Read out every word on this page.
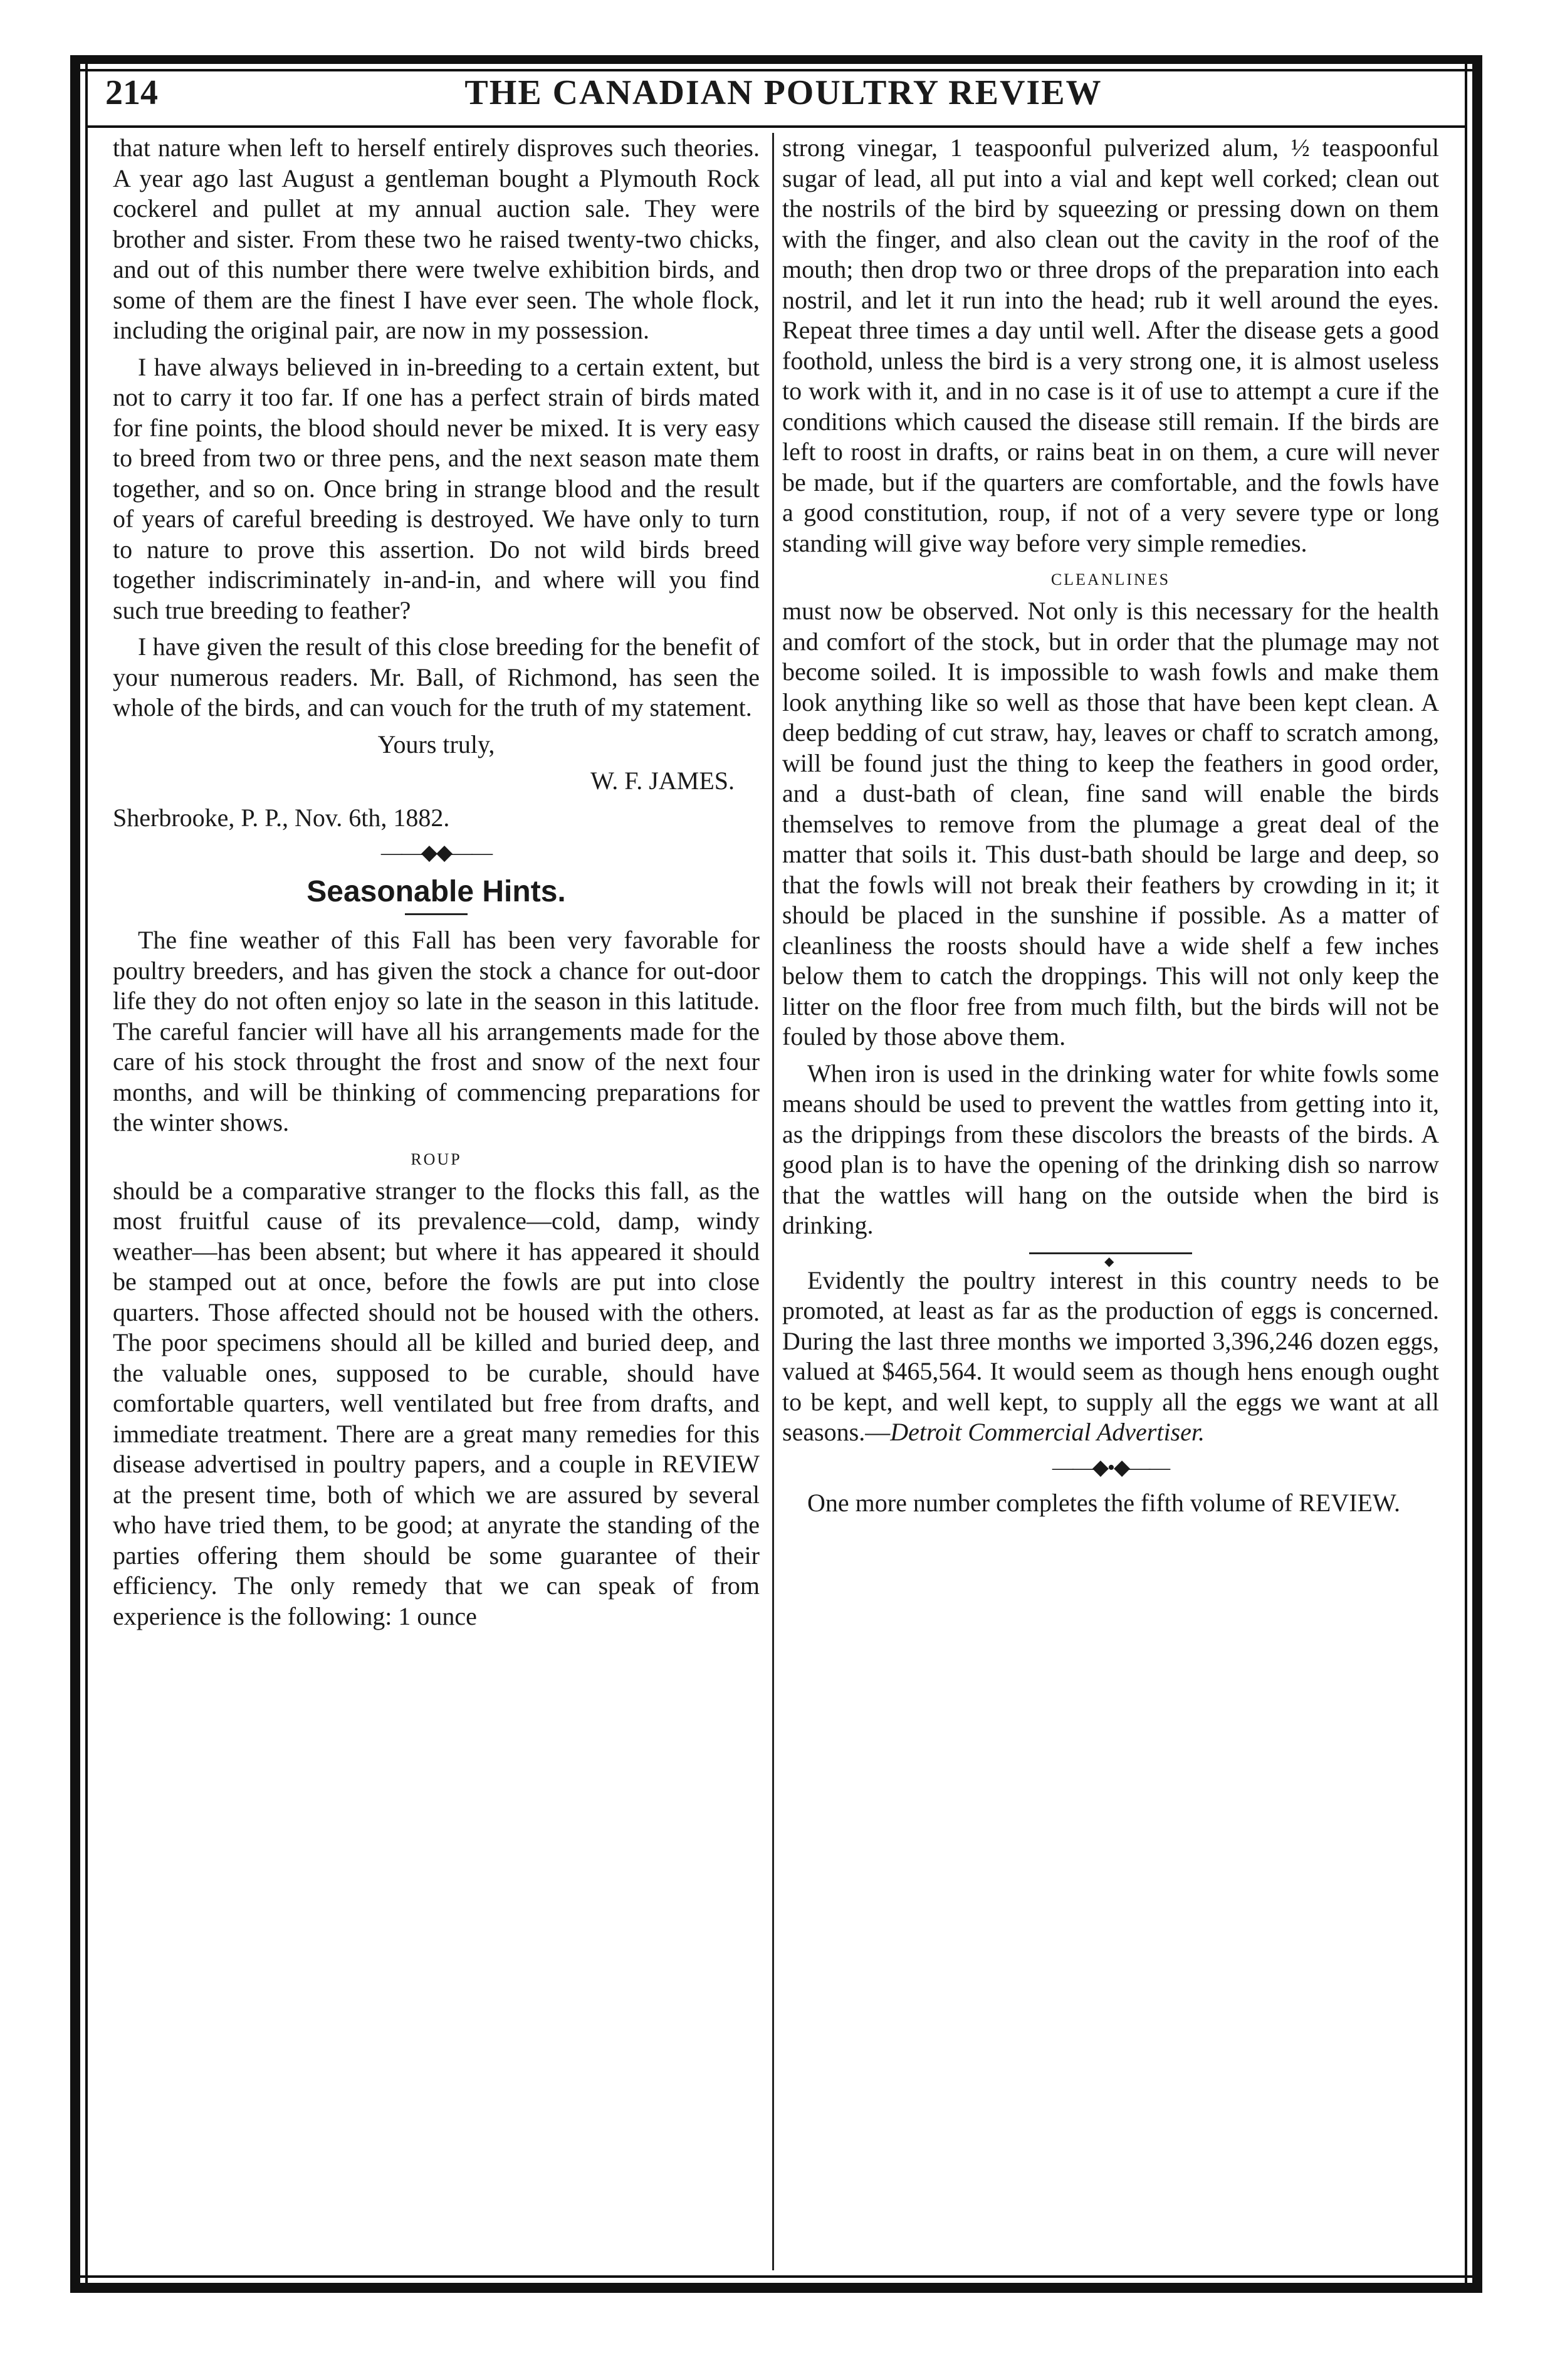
214	THE CANADIAN POULTRY REVIEW

that nature when left to herself entirely disproves such theories. A year ago last August a gentleman bought a Plymouth Rock cockerel and pullet at my annual auction sale. They were brother and sister. From these two he raised twenty-two chicks, and out of this number there were twelve exhibition birds, and some of them are the finest I have ever seen. The whole flock, including the original pair, are now in my possession.

I have always believed in in-breeding to a certain extent, but not to carry it too far. If one has a perfect strain of birds mated for fine points, the blood should never be mixed. It is very easy to breed from two or three pens, and the next season mate them together, and so on. Once bring in strange blood and the result of years of careful breeding is destroyed. We have only to turn to nature to prove this assertion. Do not wild birds breed together indiscriminately in-and-in, and where will you find such true breeding to feather?

I have given the result of this close breeding for the benefit of your numerous readers. Mr. Ball, of Richmond, has seen the whole of the birds, and can vouch for the truth of my statement.

Yours truly,

W. F. JAMES.

Sherbrooke, P. P., Nov. 6th, 1882.

——◆◆——
Seasonable Hints.

The fine weather of this Fall has been very favorable for poultry breeders, and has given the stock a chance for out-door life they do not often enjoy so late in the season in this latitude. The careful fancier will have all his arrangements made for the care of his stock throught the frost and snow of the next four months, and will be thinking of commencing preparations for the winter shows.

ROUP

should be a comparative stranger to the flocks this fall, as the most fruitful cause of its prevalence—cold, damp, windy weather—has been absent; but where it has appeared it should be stamped out at once, before the fowls are put into close quarters. Those affected should not be housed with the others. The poor specimens should all be killed and buried deep, and the valuable ones, supposed to be curable, should have comfortable quarters, well ventilated but free from drafts, and immediate treatment. There are a great many remedies for this disease advertised in poultry papers, and a couple in REVIEW at the present time, both of which we are assured by several who have tried them, to be good; at anyrate the standing of the parties offering them should be some guarantee of their efficiency. The only remedy that we can speak of from experience is the following: 1 ounce

strong vinegar, 1 teaspoonful pulverized alum, ½ teaspoonful sugar of lead, all put into a vial and kept well corked; clean out the nostrils of the bird by squeezing or pressing down on them with the finger, and also clean out the cavity in the roof of the mouth; then drop two or three drops of the preparation into each nostril, and let it run into the head; rub it well around the eyes. Repeat three times a day until well. After the disease gets a good foothold, unless the bird is a very strong one, it is almost useless to work with it, and in no case is it of use to attempt a cure if the conditions which caused the disease still remain. If the birds are left to roost in drafts, or rains beat in on them, a cure will never be made, but if the quarters are comfortable, and the fowls have a good constitution, roup, if not of a very severe type or long standing will give way before very simple remedies.

CLEANLINES

must now be observed. Not only is this necessary for the health and comfort of the stock, but in order that the plumage may not become soiled. It is impossible to wash fowls and make them look anything like so well as those that have been kept clean. A deep bedding of cut straw, hay, leaves or chaff to scratch among, will be found just the thing to keep the feathers in good order, and a dust-bath of clean, fine sand will enable the birds themselves to remove from the plumage a great deal of the matter that soils it. This dust-bath should be large and deep, so that the fowls will not break their feathers by crowding in it; it should be placed in the sunshine if possible. As a matter of cleanliness the roosts should have a wide shelf a few inches below them to catch the droppings. This will not only keep the litter on the floor free from much filth, but the birds will not be fouled by those above them.

When iron is used in the drinking water for white fowls some means should be used to prevent the wattles from getting into it, as the drippings from these discolors the breasts of the birds. A good plan is to have the opening of the drinking dish so narrow that the wattles will hang on the outside when the bird is drinking.

◆

Evidently the poultry interest in this country needs to be promoted, at least as far as the production of eggs is concerned. During the last three months we imported 3,396,246 dozen eggs, valued at $465,564. It would seem as though hens enough ought to be kept, and well kept, to supply all the eggs we want at all seasons.—Detroit Commercial Advertiser.

——◆•◆——

One more number completes the fifth volume of REVIEW.
